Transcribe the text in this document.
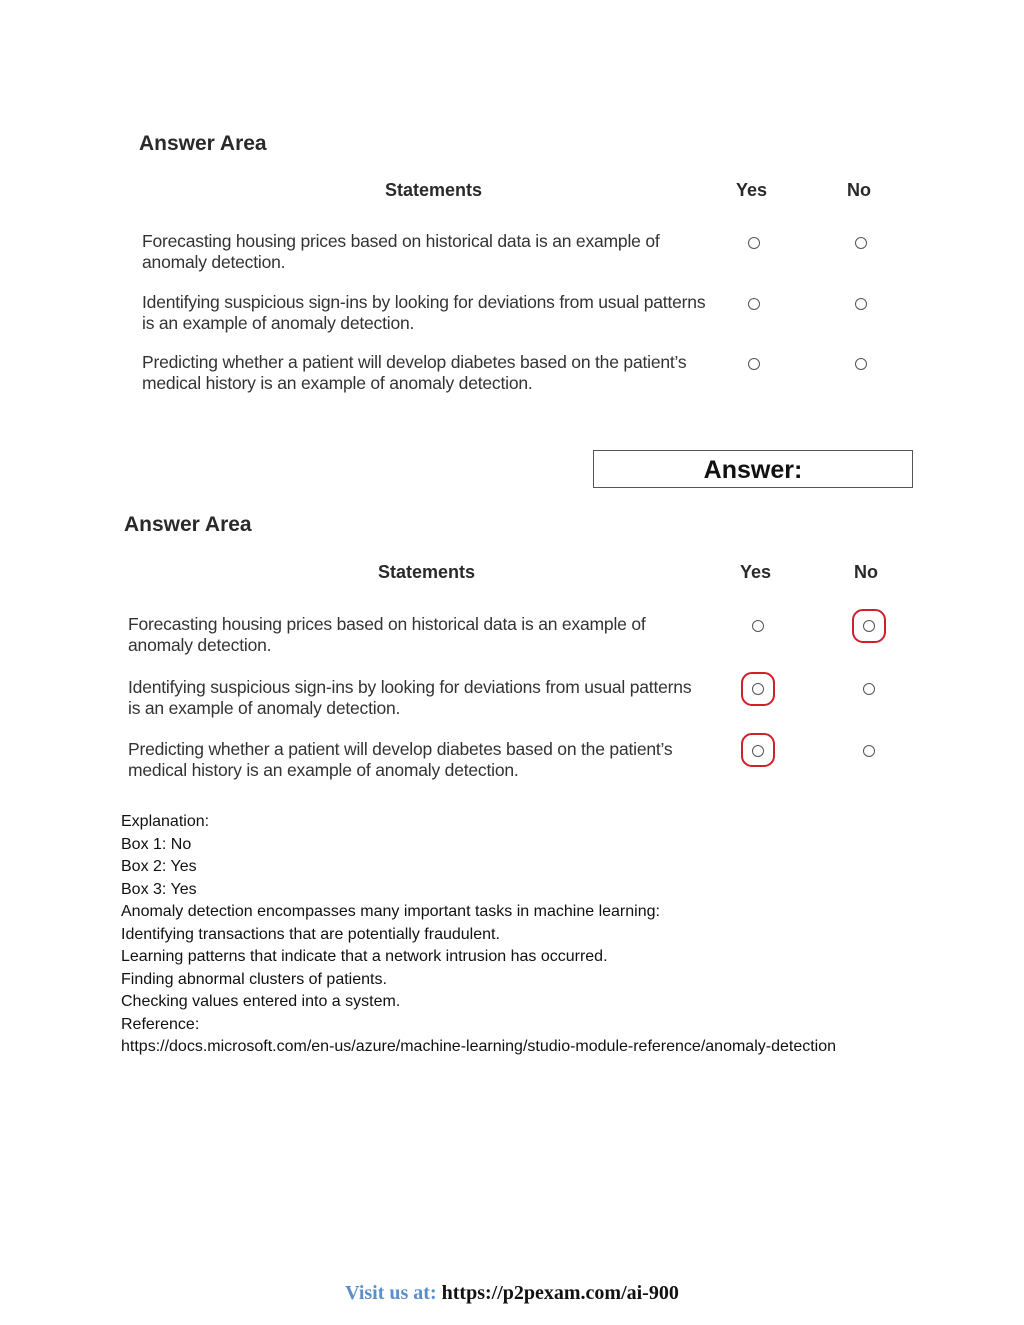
Answer Area
Statements	Yes	No
Forecasting housing prices based on historical data is an example of
anomaly detection.
Identifying suspicious sign-ins by looking for deviations from usual patterns
is an example of anomaly detection.
Predicting whether a patient will develop diabetes based on the patient’s
medical history is an example of anomaly detection.
Answer:
Answer Area
Statements	Yes	No
Forecasting housing prices based on historical data is an example of
anomaly detection.
Identifying suspicious sign-ins by looking for deviations from usual patterns
is an example of anomaly detection.
Predicting whether a patient will develop diabetes based on the patient’s
medical history is an example of anomaly detection.
Explanation:
Box 1: No
Box 2: Yes
Box 3: Yes
Anomaly detection encompasses many important tasks in machine learning:
Identifying transactions that are potentially fraudulent.
Learning patterns that indicate that a network intrusion has occurred.
Finding abnormal clusters of patients.
Checking values entered into a system.
Reference:
https://docs.microsoft.com/en-us/azure/machine-learning/studio-module-reference/anomaly-detection
Visit us at: https://p2pexam.com/ai-900
